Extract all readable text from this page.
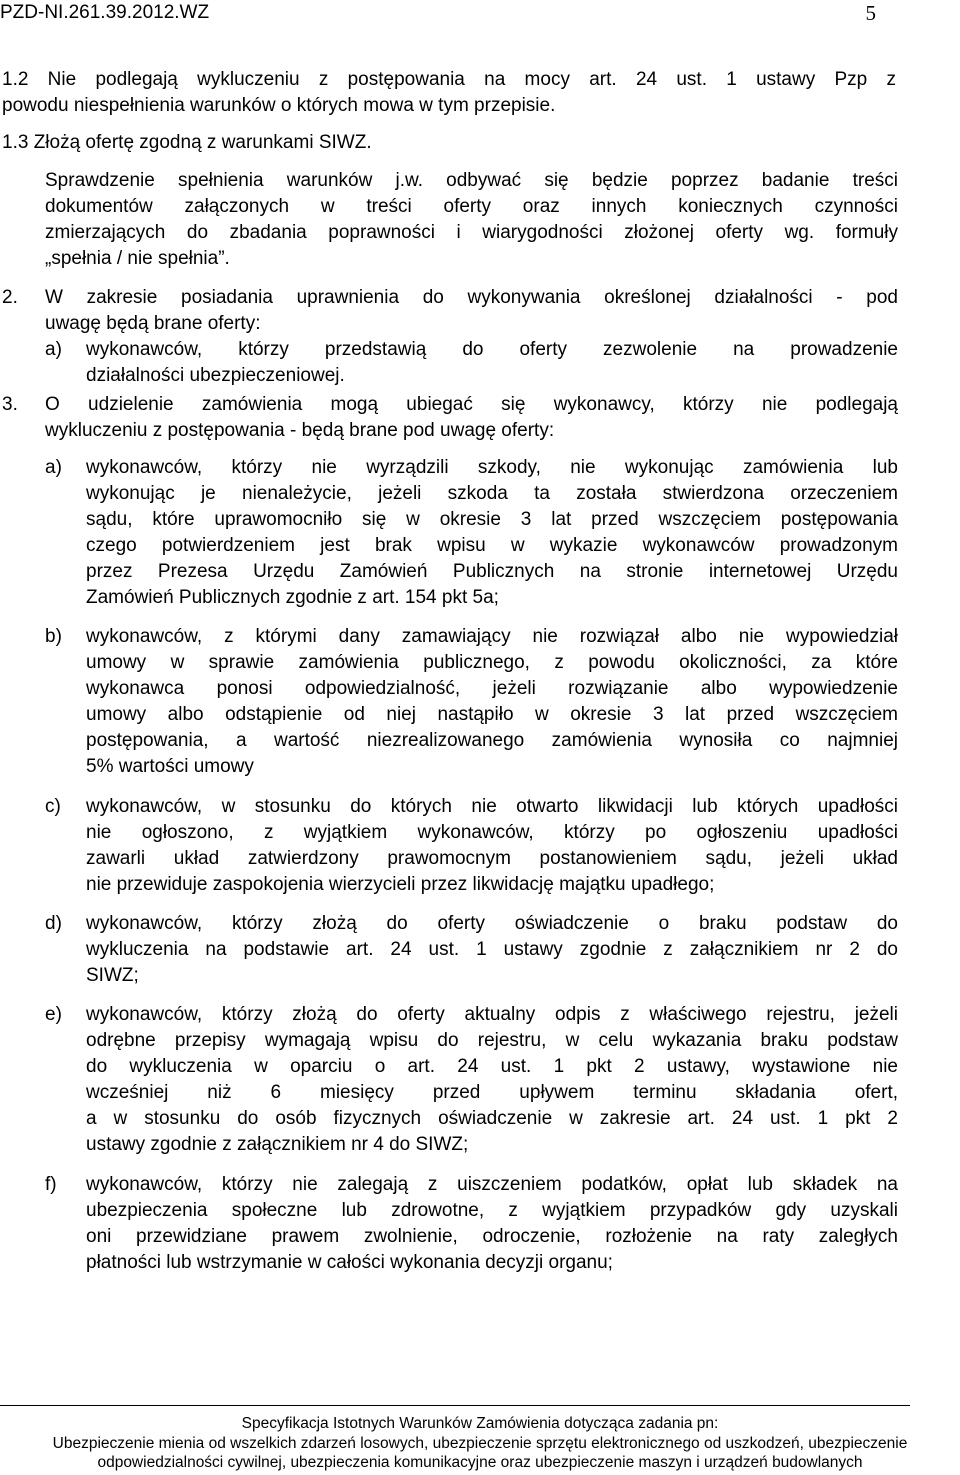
PZD-NI.261.39.2012.WZ	5
1.2 Nie podlegają wykluczeniu z postępowania na mocy art. 24 ust. 1 ustawy Pzp z
powodu niespełnienia warunków o których mowa w tym przepisie.
1.3 Złożą ofertę zgodną z warunkami SIWZ.
Sprawdzenie spełnienia warunków j.w. odbywać się będzie poprzez badanie treści
dokumentów załączonych w treści oferty oraz innych koniecznych czynności
zmierzających do zbadania poprawności i wiarygodności złożonej oferty wg. formuły
„spełnia / nie spełnia”.
2. W zakresie posiadania uprawnienia do wykonywania określonej działalności - pod
uwagę będą brane oferty:
a) wykonawców, którzy przedstawią do oferty zezwolenie na prowadzenie
działalności ubezpieczeniowej.
3. O udzielenie zamówienia mogą ubiegać się wykonawcy, którzy nie podlegają
wykluczeniu z postępowania - będą brane pod uwagę oferty:
a) wykonawców, którzy nie wyrządzili szkody, nie wykonując zamówienia lub
wykonując je nienależycie, jeżeli szkoda ta została stwierdzona orzeczeniem
sądu, które uprawomocniło się w okresie 3 lat przed wszczęciem postępowania
czego potwierdzeniem jest brak wpisu w wykazie wykonawców prowadzonym
przez Prezesa Urzędu Zamówień Publicznych na stronie internetowej Urzędu
Zamówień Publicznych zgodnie z art. 154 pkt 5a;
b) wykonawców, z którymi dany zamawiający nie rozwiązał albo nie wypowiedział
umowy w sprawie zamówienia publicznego, z powodu okoliczności, za które
wykonawca ponosi odpowiedzialność, jeżeli rozwiązanie albo wypowiedzenie
umowy albo odstąpienie od niej nastąpiło w okresie 3 lat przed wszczęciem
postępowania, a wartość niezrealizowanego zamówienia wynosiła co najmniej
5% wartości umowy
c) wykonawców, w stosunku do których nie otwarto likwidacji lub których upadłości
nie ogłoszono, z wyjątkiem wykonawców, którzy po ogłoszeniu upadłości
zawarli układ zatwierdzony prawomocnym postanowieniem sądu, jeżeli układ
nie przewiduje zaspokojenia wierzycieli przez likwidację majątku upadłego;
d) wykonawców, którzy złożą do oferty oświadczenie o braku podstaw do
wykluczenia na podstawie art. 24 ust. 1 ustawy zgodnie z załącznikiem nr 2 do
SIWZ;
e) wykonawców, którzy złożą do oferty aktualny odpis z właściwego rejestru, jeżeli
odrębne przepisy wymagają wpisu do rejestru, w celu wykazania braku podstaw
do wykluczenia w oparciu o art. 24 ust. 1 pkt 2 ustawy, wystawione nie
wcześniej niż 6 miesięcy przed upływem terminu składania ofert,
a w stosunku do osób fizycznych oświadczenie w zakresie art. 24 ust. 1 pkt 2
ustawy zgodnie z załącznikiem nr 4 do SIWZ;
f) wykonawców, którzy nie zalegają z uiszczeniem podatków, opłat lub składek na
ubezpieczenia społeczne lub zdrowotne, z wyjątkiem przypadków gdy uzyskali
oni przewidziane prawem zwolnienie, odroczenie, rozłożenie na raty zaległych
płatności lub wstrzymanie w całości wykonania decyzji organu;
Specyfikacja Istotnych Warunków Zamówienia dotycząca zadania pn:
Ubezpieczenie mienia od wszelkich zdarzeń losowych, ubezpieczenie sprzętu elektronicznego od uszkodzeń, ubezpieczenie
odpowiedzialności cywilnej, ubezpieczenia komunikacyjne oraz ubezpieczenie maszyn i urządzeń budowlanych
